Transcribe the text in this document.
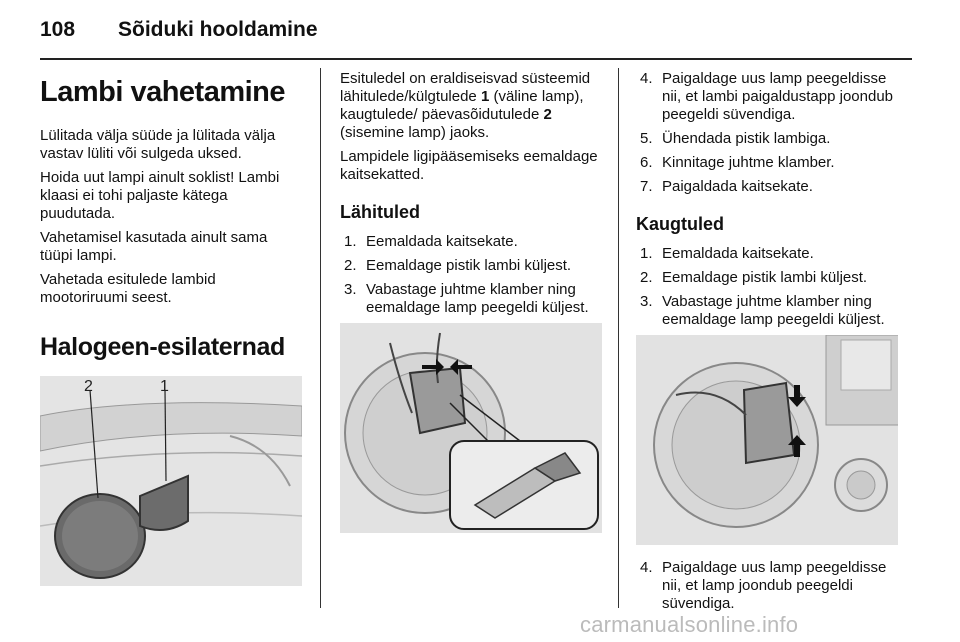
108 Sõiduki hooldamine
Lambi vahetamine

Lülitada välja süüde ja lülitada välja vastav lüliti või sulgeda uksed.

Hoida uut lampi ainult soklist! Lambi klaasi ei tohi paljaste kätega puudutada.

Vahetamisel kasutada ainult sama tüüpi lampi.

Vahetada esitulede lambid mootoriruumi seest.

Halogeen-esilaternad
2	1

Esituledel on eraldiseisvad süsteemid lähitulede/külgtulede 1 (väline lamp), kaugtulede/ päevasõidutulede 2 (sisemine lamp) jaoks.

Lampidele ligipääsemiseks eemaldage kaitsekatted.

Lähituled
1. Eemaldada kaitsekate.
2. Eemaldage pistik lambi küljest.
3. Vabastage juhtme klamber ning eemaldage lamp peegeldi küljest.
4. Paigaldage uus lamp peegeldisse nii, et lambi paigaldustapp joondub peegeldi süvendiga.
5. Ühendada pistik lambiga.
6. Kinnitage juhtme klamber.
7. Paigaldada kaitsekate.
Kaugtuled
1. Eemaldada kaitsekate.
2. Eemaldage pistik lambi küljest.
3. Vabastage juhtme klamber ning eemaldage lamp peegeldi küljest.
4. Paigaldage uus lamp peegeldisse nii, et lamp joondub peegeldi süvendiga.
carmanualsonline.info
